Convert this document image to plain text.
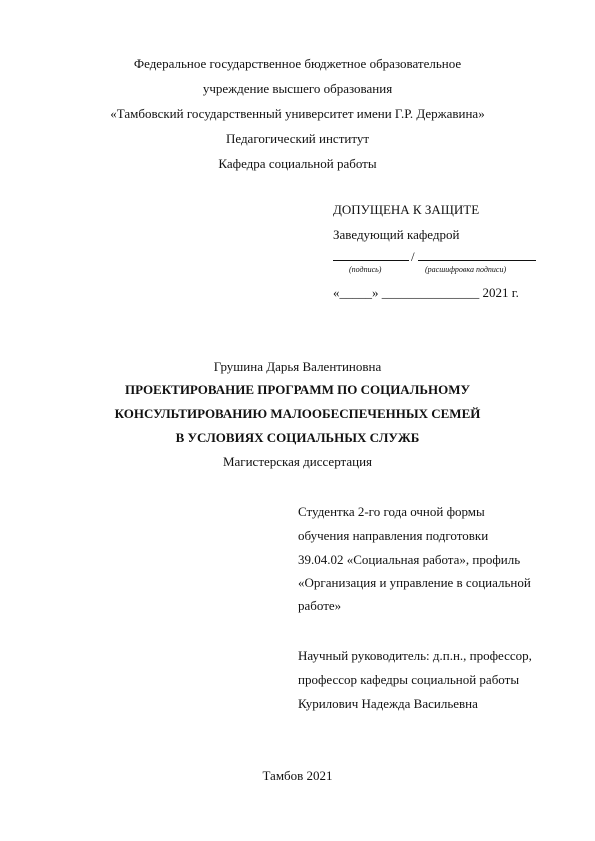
Федеральное государственное бюджетное образовательное
учреждение высшего образования
«Тамбовский государственный университет имени Г.Р. Державина»
Педагогический институт
Кафедра социальной работы
ДОПУЩЕНА К ЗАЩИТЕ
Заведующий кафедрой
/
(подпись)	(расшифровка подписи)
«_____» _______________ 2021 г.
Грушина Дарья Валентиновна
ПРОЕКТИРОВАНИЕ ПРОГРАММ ПО СОЦИАЛЬНОМУ
КОНСУЛЬТИРОВАНИЮ МАЛООБЕСПЕЧЕННЫХ СЕМЕЙ
В УСЛОВИЯХ СОЦИАЛЬНЫХ СЛУЖБ
Магистерская диссертация
Студентка 2-го года очной формы
обучения направления подготовки
39.04.02 «Социальная работа», профиль
«Организация и управление в социальной
работе»
Научный руководитель: д.п.н., профессор,
профессор кафедры социальной работы
Курилович Надежда Васильевна
Тамбов 2021
